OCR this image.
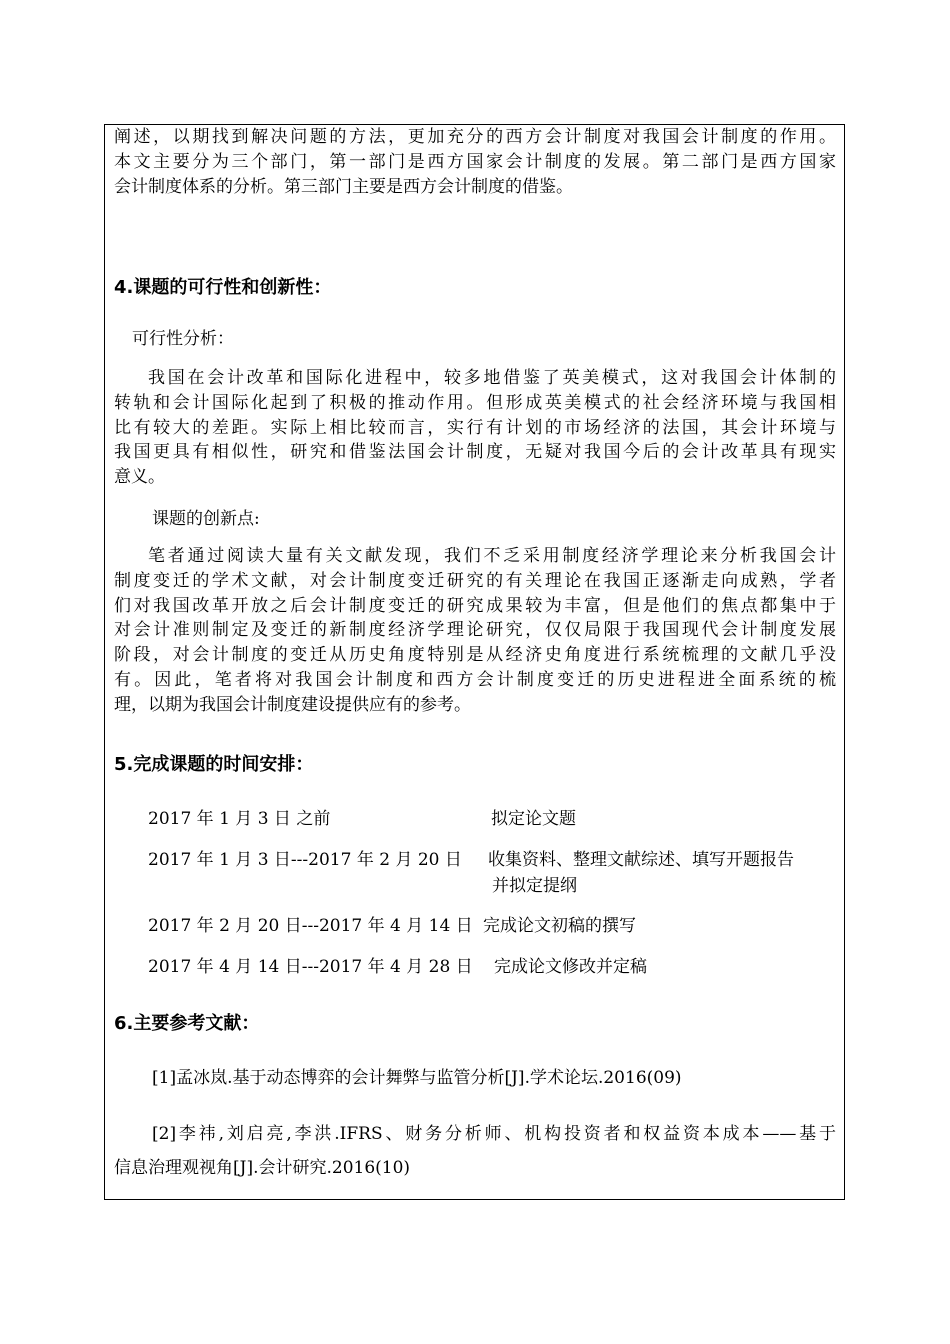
阐述，以期找到解决问题的方法，更加充分的西方会计制度对我国会计制度的作用。
本文主要分为三个部门，第一部门是西方国家会计制度的发展。第二部门是西方国家
会计制度体系的分析。第三部门主要是西方会计制度的借鉴。
4.课题的可行性和创新性：
可行性分析：
我国在会计改革和国际化进程中，较多地借鉴了英美模式，这对我国会计体制的
转轨和会计国际化起到了积极的推动作用。但形成英美模式的社会经济环境与我国相
比有较大的差距。实际上相比较而言，实行有计划的市场经济的法国，其会计环境与
我国更具有相似性，研究和借鉴法国会计制度，无疑对我国今后的会计改革具有现实
意义。
课题的创新点:
笔者通过阅读大量有关文献发现，我们不乏采用制度经济学理论来分析我国会计
制度变迁的学术文献，对会计制度变迁研究的有关理论在我国正逐渐走向成熟，学者
们对我国改革开放之后会计制度变迁的研究成果较为丰富，但是他们的焦点都集中于
对会计准则制定及变迁的新制度经济学理论研究，仅仅局限于我国现代会计制度发展
阶段，对会计制度的变迁从历史角度特别是从经济史角度进行系统梳理的文献几乎没
有。因此，笔者将对我国会计制度和西方会计制度变迁的历史进程进全面系统的梳
理，以期为我国会计制度建设提供应有的参考。
5.完成课题的时间安排：
2017 年 1 月 3 日 之前	拟定论文题
2017 年 1 月 3 日---2017 年 2 月 20 日 收集资料、整理文献综述、填写开题报告
并拟定提纲
2017 年 2 月 20 日---2017 年 4 月 14 日 完成论文初稿的撰写
2017 年 4 月 14 日---2017 年 4 月 28 日 完成论文修改并定稿
6.主要参考文献：
[1]孟冰岚.基于动态博弈的会计舞弊与监管分析[J].学术论坛.2016(09)
[2]李祎,刘启亮,李洪.IFRS、财务分析师、机构投资者和权益资本成本——基于
信息治理观视角[J].会计研究.2016(10)
